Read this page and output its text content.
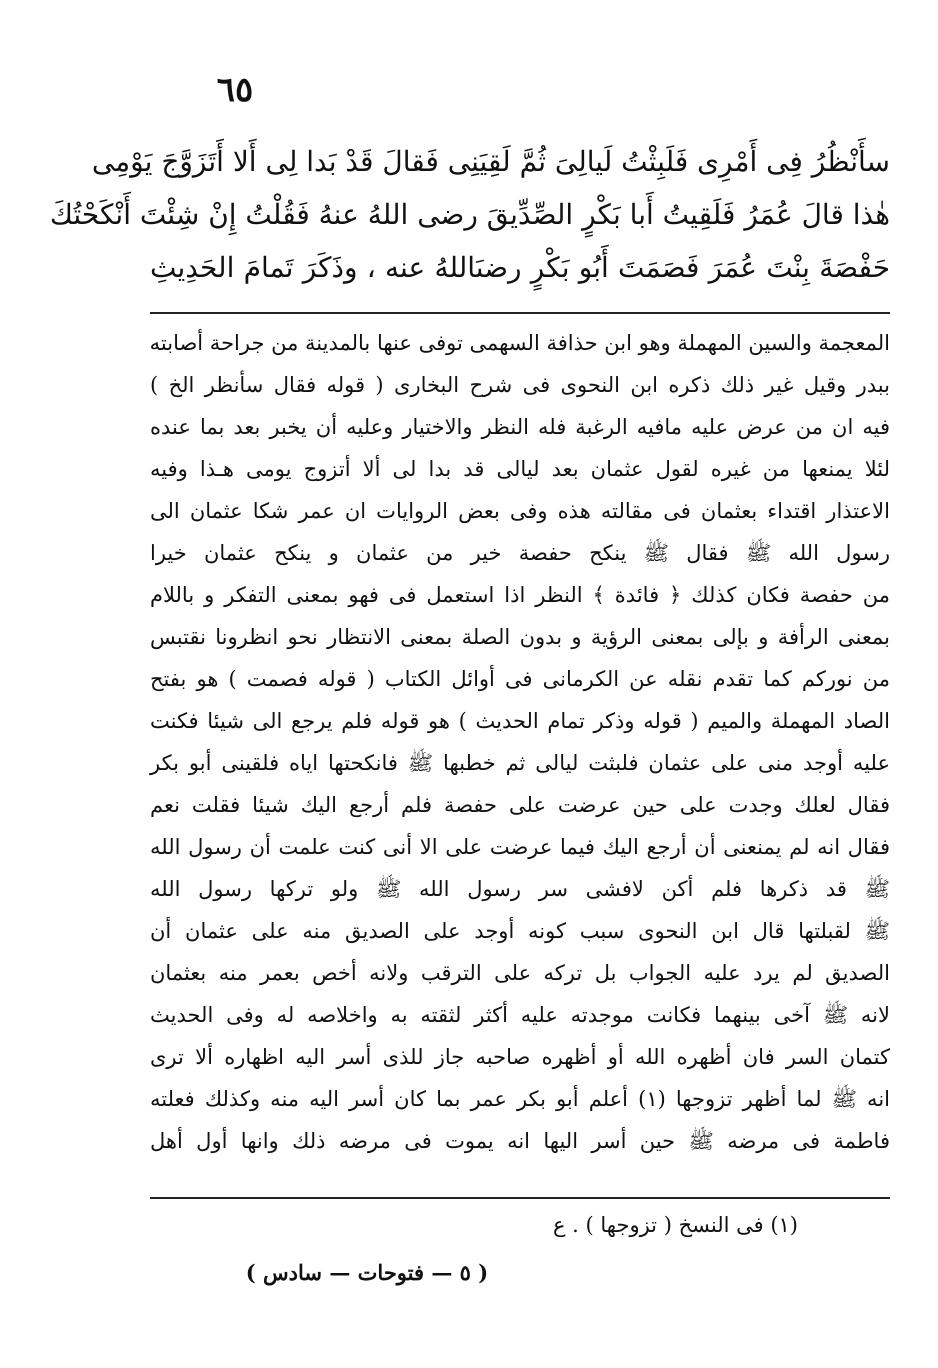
٦٥

سأَنْظُرُ فِى أَمْرِى فَلَبِثْتُ لَيالِىَ ثُمَّ لَقِيَنِى فَقالَ قَدْ بَدا لِى أَلا أَتَزَوَّجَ يَوْمِى

هٰذا قالَ عُمَرُ فَلَقِيتُ أَبا بَكْرٍ الصِّدِّيقَ رضى اللهُ عنهُ فَقُلْتُ إِنْ شِئْتَ أَنْكَحْتُكَ

حَفْصَةَ بِنْتَ عُمَرَ فَصَمَتَ أَبُو بَكْرٍ رضىَاللهُ عنه ، وذَكَرَ تَمامَ الحَدِيثِ

المعجمة والسين المهملة وهو ابن حذافة السهمى توفى عنها بالمدينة من جراحة أصابته

ببدر وقيل غير ذلك ذكره ابن النحوى فى شرح البخارى ( قوله فقال سأنظر الخ )

فيه ان من عرض عليه مافيه الرغبة فله النظر والاختيار وعليه أن يخبر بعد بما عنده

لئلا يمنعها من غيره لقول عثمان بعد ليالى قد بدا لى ألا أتزوج يومى هـذا وفيه

الاعتذار اقتداء بعثمان فى مقالته هذه وفى بعض الروايات ان عمر شكا عثمان الى

رسول الله ﷺ فقال ﷺ ينكح حفصة خير من عثمان و ينكح عثمان خيرا

من حفصة فكان كذلك ﴿ فائدة ﴾ النظر اذا استعمل فى فهو بمعنى التفكر و باللام

بمعنى الرأفة و بإلى بمعنى الرؤية و بدون الصلة بمعنى الانتظار نحو انظرونا نقتبس

من نوركم كما تقدم نقله عن الكرمانى فى أوائل الكتاب ( قوله فصمت ) هو بفتح

الصاد المهملة والميم ( قوله وذكر تمام الحديث ) هو قوله فلم يرجع الى شيئا فكنت

عليه أوجد منى على عثمان فلبثت ليالى ثم خطبها ﷺ فانكحتها اياه فلقينى أبو بكر

فقال لعلك وجدت على حين عرضت على حفصة فلم أرجع اليك شيئا فقلت نعم

فقال انه لم يمنعنى أن أرجع اليك فيما عرضت على الا أنى كنت علمت أن رسول الله

ﷺ قد ذكرها فلم أكن لافشى سر رسول الله ﷺ ولو تركها رسول الله

ﷺ لقبلتها قال ابن النحوى سبب كونه أوجد على الصديق منه على عثمان أن

الصديق لم يرد عليه الجواب بل تركه على الترقب ولانه أخص بعمر منه بعثمان

لانه ﷺ آخى بينهما فكانت موجدته عليه أكثر لثقته به واخلاصه له وفى الحديث

كتمان السر فان أظهره الله أو أظهره صاحبه جاز للذى أسر اليه اظهاره ألا ترى

انه ﷺ لما أظهر تزوجها (١) أعلم أبو بكر عمر بما كان أسر اليه منه وكذلك فعلته

فاطمة فى مرضه ﷺ حين أسر اليها انه يموت فى مرضه ذلك وانها أول أهل

(١) فى النسخ ( تزوجها ) . ع
( ٥ — فتوحات — سادس )
